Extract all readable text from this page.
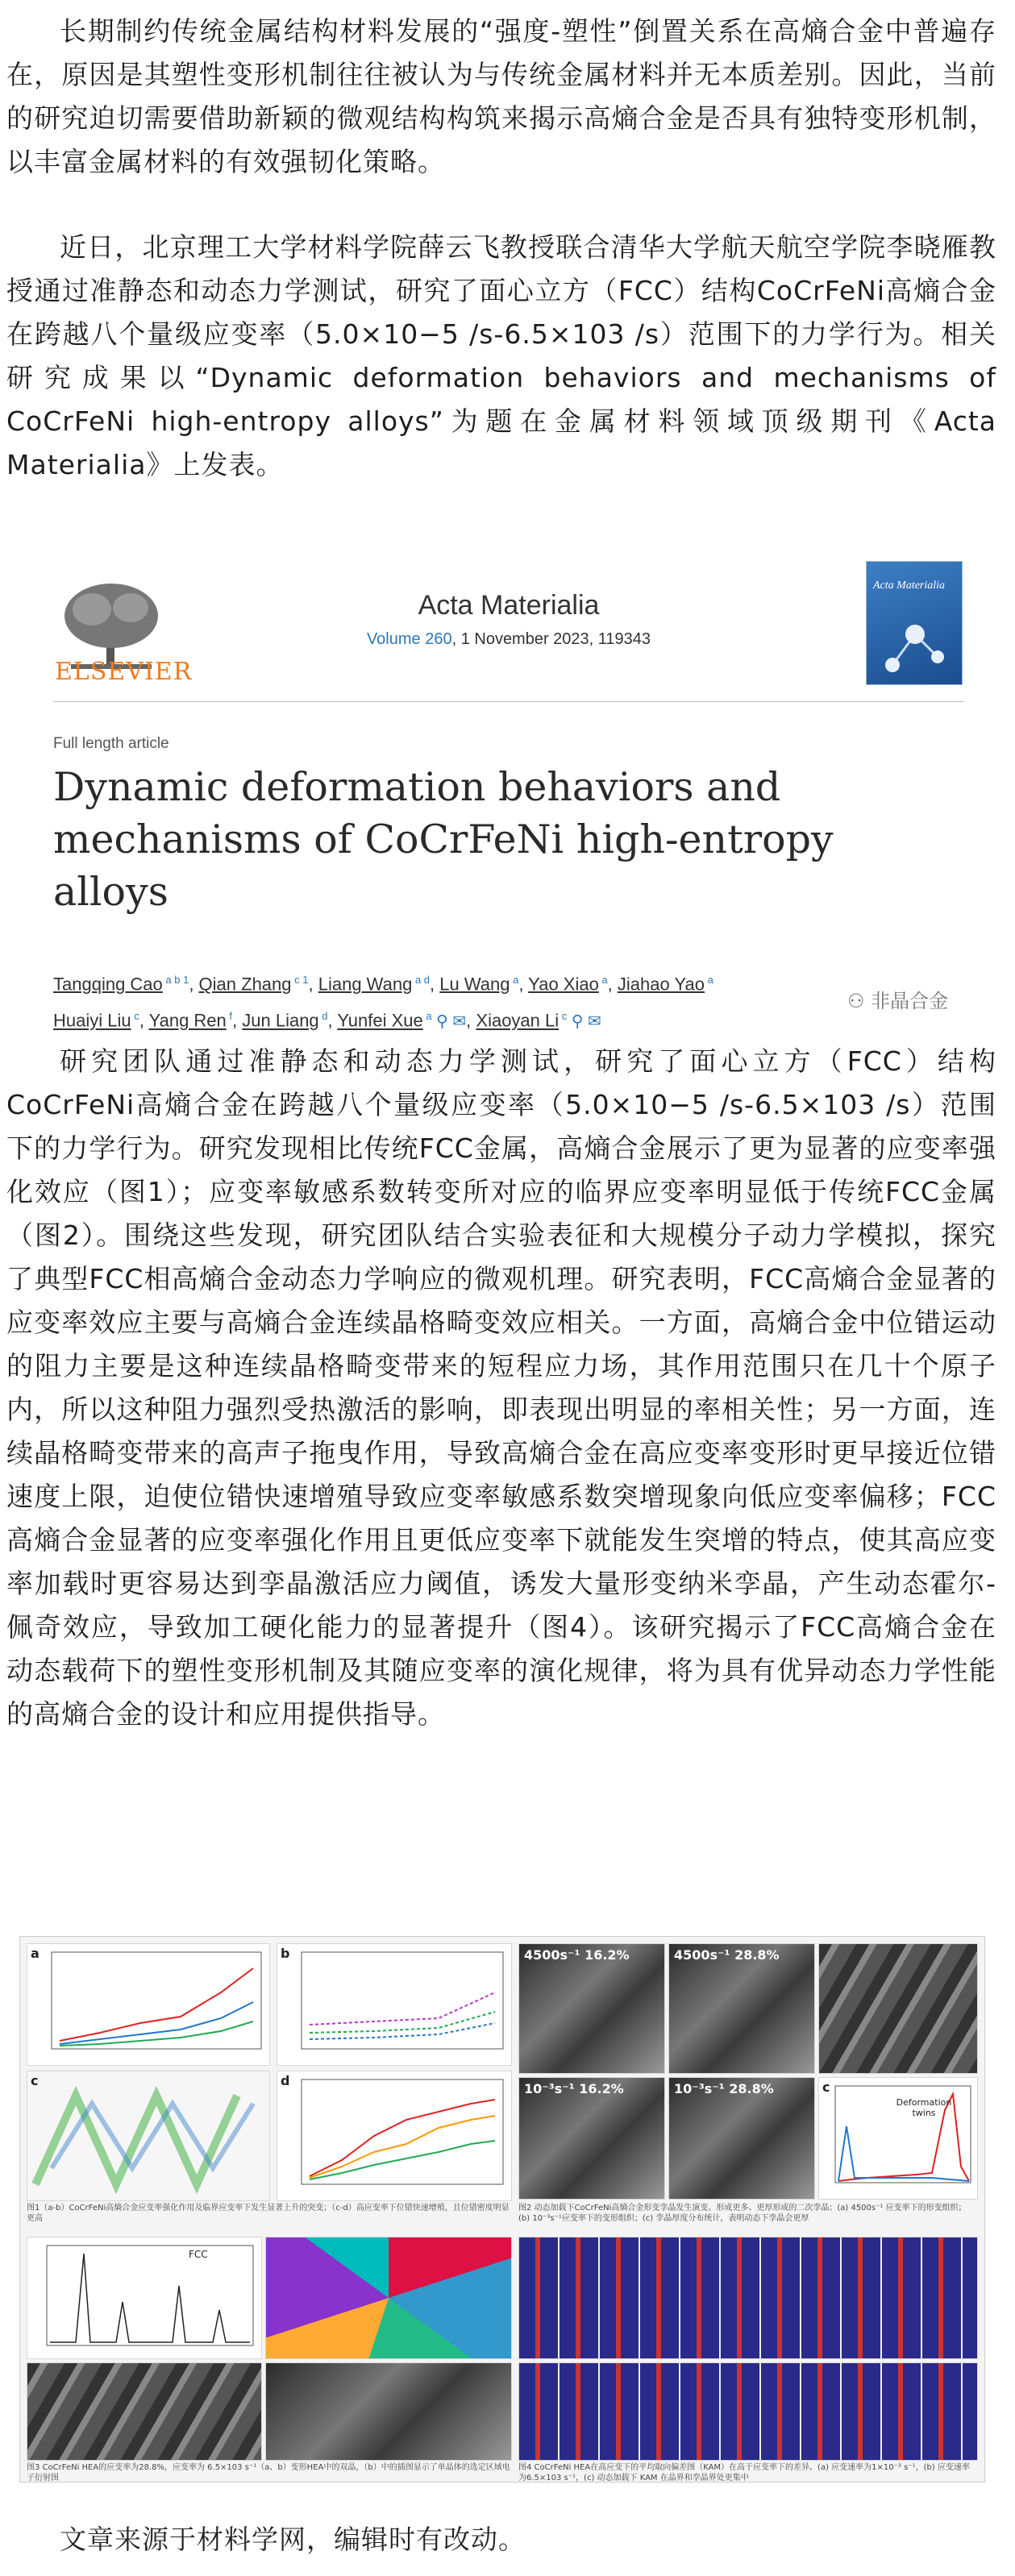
长期制约传统金属结构材料发展的“强度-塑性”倒置关系在高熵合金中普遍存在，原因是其塑性变形机制往往被认为与传统金属材料并无本质差别。因此，当前的研究迫切需要借助新颖的微观结构构筑来揭示高熵合金是否具有独特变形机制，以丰富金属材料的有效强韧化策略。

近日，北京理工大学材料学院薛云飞教授联合清华大学航天航空学院李晓雁教授通过准静态和动态力学测试，研究了面心立方（FCC）结构CoCrFeNi高熵合金在跨越八个量级应变率（5.0×10−5 /s-6.5×103 /s）范围下的力学行为。相关研究成果以“Dynamic deformation behaviors and mechanisms of CoCrFeNi high-entropy alloys”为题在金属材料领域顶级期刊《Acta Materialia》上发表。

ELSEVIER
Acta Materialia
Volume 260, 1 November 2023, 119343
Acta Materialia
Full length article
Dynamic deformation behaviors and mechanisms of CoCrFeNi high-entropy alloys
Tangqing Cao $^{a b 1}$, Qian Zhang $^{c 1}$, Liang Wang $^{a d}$, Lu Wang $^a$, Yao Xiao $^a$, Jiahao Yao $^a$
Huaiyi Liu $^c$, Yang Ren $^f$, Jun Liang $^d$, Yunfei Xue $^a$ ⚲ ✉, Xiaoyan Li $^c$ ⚲ ✉
⚇ 非晶合金

研究团队通过准静态和动态力学测试，研究了面心立方（FCC）结构CoCrFeNi高熵合金在跨越八个量级应变率（5.0×10−5 /s-6.5×103 /s）范围下的力学行为。研究发现相比传统FCC金属，高熵合金展示了更为显著的应变率强化效应（图1）；应变率敏感系数转变所对应的临界应变率明显低于传统FCC金属（图2）。围绕这些发现，研究团队结合实验表征和大规模分子动力学模拟，探究了典型FCC相高熵合金动态力学响应的微观机理。研究表明，FCC高熵合金显著的应变率效应主要与高熵合金连续晶格畸变效应相关。一方面，高熵合金中位错运动的阻力主要是这种连续晶格畸变带来的短程应力场，其作用范围只在几十个原子内，所以这种阻力强烈受热激活的影响，即表现出明显的率相关性；另一方面，连续晶格畸变带来的高声子拖曳作用，导致高熵合金在高应变率变形时更早接近位错速度上限，迫使位错快速增殖导致应变率敏感系数突增现象向低应变率偏移；FCC高熵合金显著的应变率强化作用且更低应变率下就能发生突增的特点，使其高应变率加载时更容易达到孪晶激活应力阈值，诱发大量形变纳米孪晶，产生动态霍尔-佩奇效应，导致加工硬化能力的显著提升（图4）。该研究揭示了FCC高熵合金在动态载荷下的塑性变形机制及其随应变率的演化规律，将为具有优异动态力学性能的高熵合金的设计和应用提供指导。

a	b
c	d
图1（a-b）CoCrFeNi高熵合金应变率强化作用及临界应变率下发生显著上升的突变；（c-d）高应变率下位错快速增殖，且位错密度明显更高
4500s⁻¹ 16.2%	4500s⁻¹ 28.8%
10⁻³s⁻¹ 16.2%	10⁻³s⁻¹ 28.8%
Deformation twins
c
图2 动态加载下CoCrFeNi高熵合金形变孪晶发生演变、形成更多、更厚形成的二次孪晶；(a) 4500s⁻¹ 应变率下的形变组织；(b) 10⁻³s⁻¹应变率下的变形组织；(c) 孪晶厚度分布统计，表明动态下孪晶会更厚
FCC
图3 CoCrFeNi HEA的应变率为28.8%，应变率为 6.5×103 s⁻¹（a、b）变形HEA中的双晶，（b）中的插图显示了单晶体的选定区域电子衍射图
图4 CoCrFeNi HEA在高应变下的平均取向偏差图（KAM）在高于应变率下的差异。(a) 应变速率为1×10⁻³ s⁻¹，(b) 应变速率为6.5×103 s⁻¹，(c) 动态加载下 KAM 在晶界和孪晶界处更集中
文章来源于材料学网，编辑时有改动。
